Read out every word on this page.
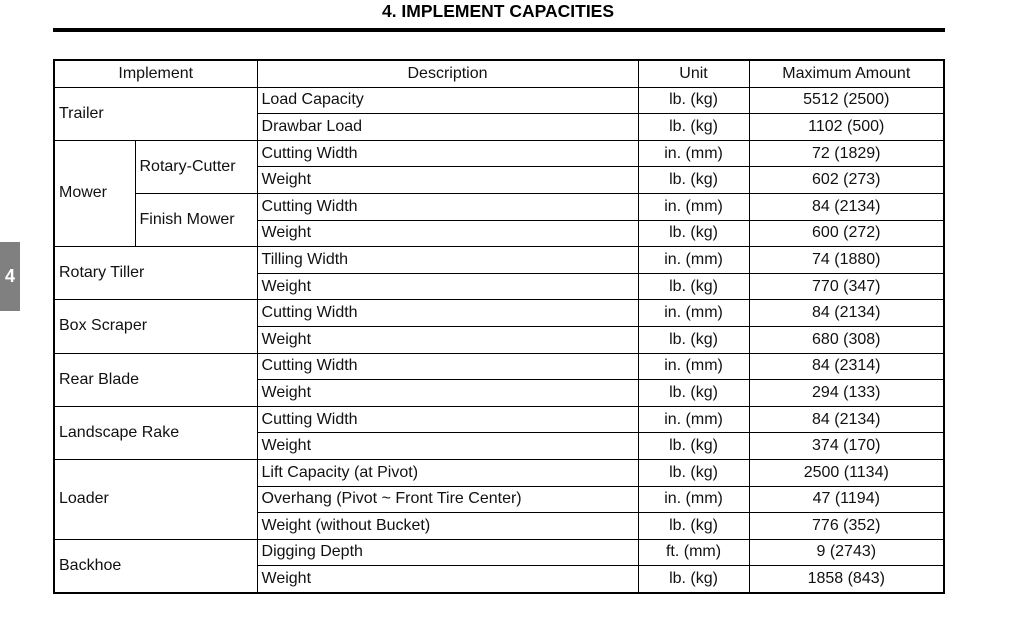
4. IMPLEMENT CAPACITIES
4
Implement		Description	Unit	Maximum Amount
Trailer		Load Capacity	lb. (kg)	5512 (2500)
		Drawbar Load	lb. (kg)	1102 (500)
Mower	Rotary-Cutter	Cutting Width	in. (mm)	72 (1829)
		Weight	lb. (kg)	602 (273)
	Finish Mower	Cutting Width	in. (mm)	84 (2134)
		Weight	lb. (kg)	600 (272)
Rotary Tiller		Tilling Width	in. (mm)	74 (1880)
		Weight	lb. (kg)	770 (347)
Box Scraper		Cutting Width	in. (mm)	84 (2134)
		Weight	lb. (kg)	680 (308)
Rear Blade		Cutting Width	in. (mm)	84 (2314)
		Weight	lb. (kg)	294 (133)
Landscape Rake		Cutting Width	in. (mm)	84 (2134)
		Weight	lb. (kg)	374 (170)
Loader		Lift Capacity (at Pivot)	lb. (kg)	2500 (1134)
		Overhang (Pivot ~ Front Tire Center)	in. (mm)	47 (1194)
		Weight (without Bucket)	lb. (kg)	776 (352)
Backhoe		Digging Depth	ft. (mm)	9 (2743)
		Weight	lb. (kg)	1858 (843)
